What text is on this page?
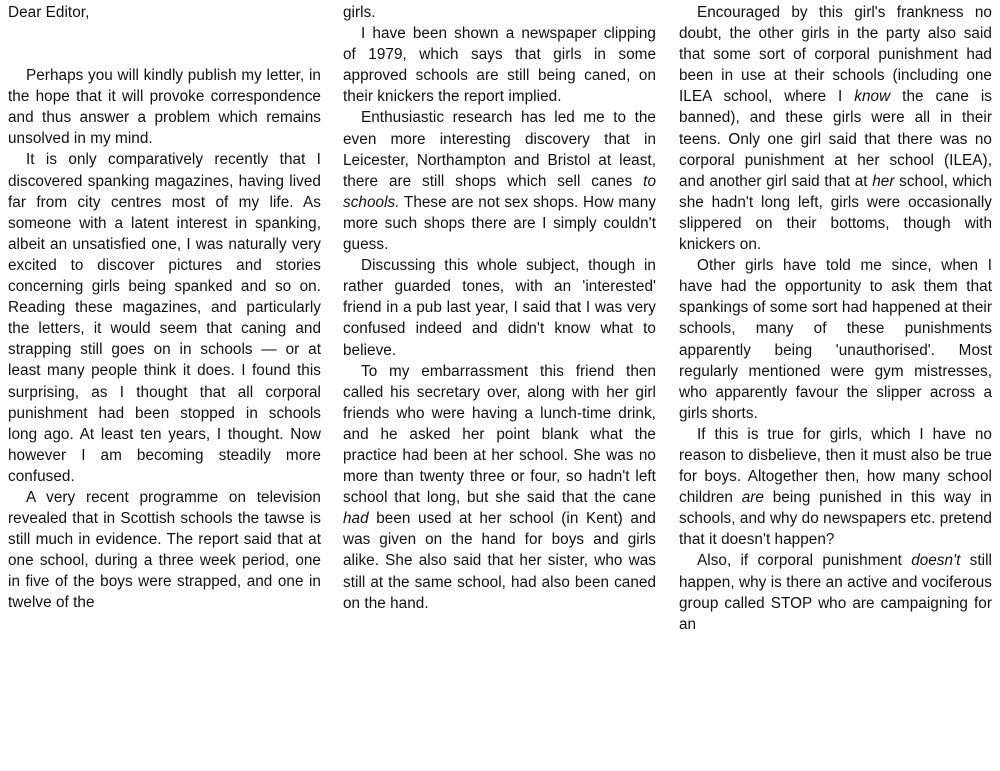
Dear Editor,

Perhaps you will kindly publish my letter, in the hope that it will provoke correspondence and thus answer a problem which remains unsolved in my mind.

It is only comparatively recently that I discovered spanking magazines, having lived far from city centres most of my life. As someone with a latent interest in spanking, albeit an unsatisfied one, I was naturally very excited to discover pictures and stories concerning girls being spanked and so on. Reading these magazines, and particularly the letters, it would seem that caning and strapping still goes on in schools — or at least many people think it does. I found this surprising, as I thought that all corporal punishment had been stopped in schools long ago. At least ten years, I thought. Now however I am becoming steadily more confused.

A very recent programme on television revealed that in Scottish schools the tawse is still much in evidence. The report said that at one school, during a three week period, one in five of the boys were strapped, and one in twelve of the

girls.

I have been shown a newspaper clipping of 1979, which says that girls in some approved schools are still being caned, on their knickers the report implied.

Enthusiastic research has led me to the even more interesting discovery that in Leicester, Northampton and Bristol at least, there are still shops which sell canes to schools. These are not sex shops. How many more such shops there are I simply couldn't guess.

Discussing this whole subject, though in rather guarded tones, with an 'interested' friend in a pub last year, I said that I was very confused indeed and didn't know what to believe.

To my embarrassment this friend then called his secretary over, along with her girl friends who were having a lunch-time drink, and he asked her point blank what the practice had been at her school. She was no more than twenty three or four, so hadn't left school that long, but she said that the cane had been used at her school (in Kent) and was given on the hand for boys and girls alike. She also said that her sister, who was still at the same school, had also been caned on the hand.

Encouraged by this girl's frankness no doubt, the other girls in the party also said that some sort of corporal punishment had been in use at their schools (including one ILEA school, where I know the cane is banned), and these girls were all in their teens. Only one girl said that there was no corporal punishment at her school (ILEA), and another girl said that at her school, which she hadn't long left, girls were occasionally slippered on their bottoms, though with knickers on.

Other girls have told me since, when I have had the opportunity to ask them that spankings of some sort had happened at their schools, many of these punishments apparently being 'unauthorised'. Most regularly mentioned were gym mistresses, who apparently favour the slipper across a girls shorts.

If this is true for girls, which I have no reason to disbelieve, then it must also be true for boys. Altogether then, how many school children are being punished in this way in schools, and why do newspapers etc. pretend that it doesn't happen?

Also, if corporal punishment doesn't still happen, why is there an active and vociferous group called STOP who are campaigning for an
